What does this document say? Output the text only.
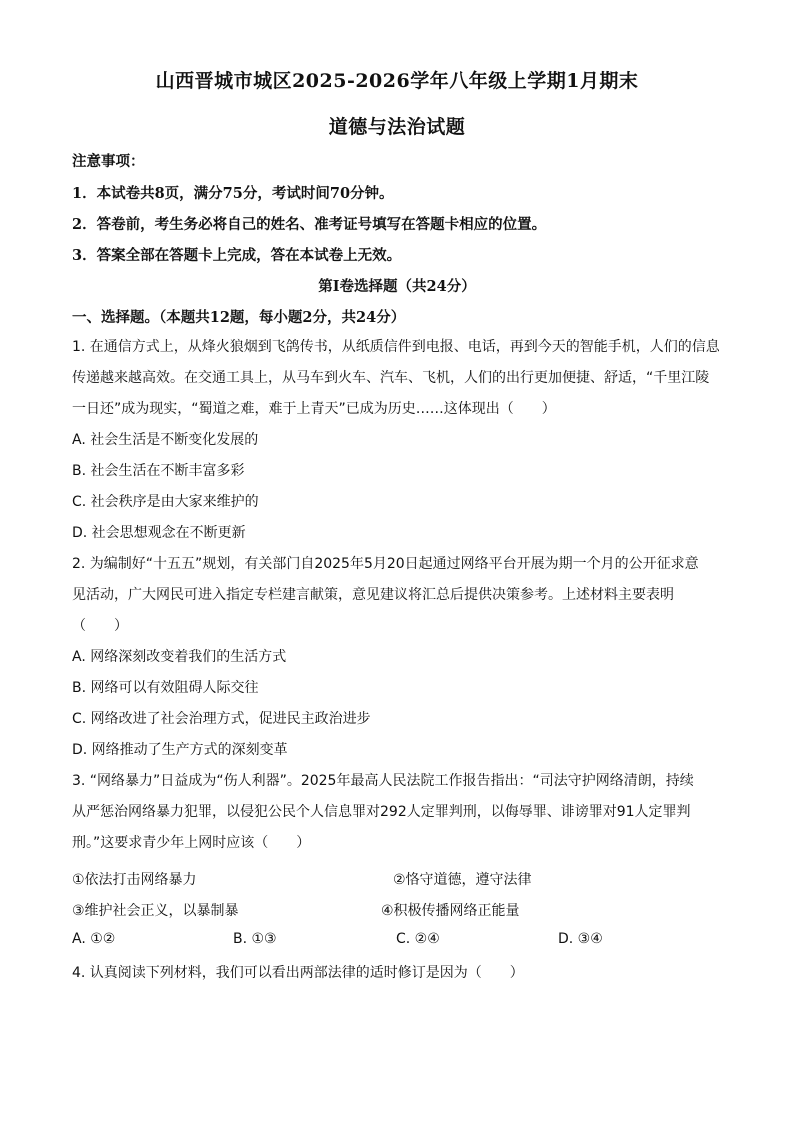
山西晋城市城区2025-2026学年八年级上学期1月期末
道德与法治试题
注意事项：
1．本试卷共8页，满分75分，考试时间70分钟。
2．答卷前，考生务必将自己的姓名、准考证号填写在答题卡相应的位置。
3．答案全部在答题卡上完成，答在本试卷上无效。
第Ⅰ卷选择题（共24分）
一、选择题。（本题共12题，每小题2分，共24分）
1. 在通信方式上，从烽火狼烟到飞鸽传书，从纸质信件到电报、电话，再到今天的智能手机，人们的信息
传递越来越高效。在交通工具上，从马车到火车、汽车、飞机，人们的出行更加便捷、舒适，“千里江陵
一日还”成为现实，“蜀道之难，难于上青天”已成为历史……这体现出（　　）
A. 社会生活是不断变化发展的
B. 社会生活在不断丰富多彩
C. 社会秩序是由大家来维护的
D. 社会思想观念在不断更新
2. 为编制好“十五五”规划，有关部门自2025年5月20日起通过网络平台开展为期一个月的公开征求意
见活动，广大网民可进入指定专栏建言献策，意见建议将汇总后提供决策参考。上述材料主要表明
（　　）
A. 网络深刻改变着我们的生活方式
B. 网络可以有效阻碍人际交往
C. 网络改进了社会治理方式，促进民主政治进步
D. 网络推动了生产方式的深刻变革
3. “网络暴力”日益成为“伤人利器”。2025年最高人民法院工作报告指出：“司法守护网络清朗，持续
从严惩治网络暴力犯罪，以侵犯公民个人信息罪对292人定罪判刑，以侮辱罪、诽谤罪对91人定罪判
刑。”这要求青少年上网时应该（　　）
①依法打击网络暴力	②恪守道德，遵守法律
③维护社会正义，以暴制暴	④积极传播网络正能量
A. ①②	B. ①③	C. ②④	D. ③④
4. 认真阅读下列材料，我们可以看出两部法律的适时修订是因为（　　）
